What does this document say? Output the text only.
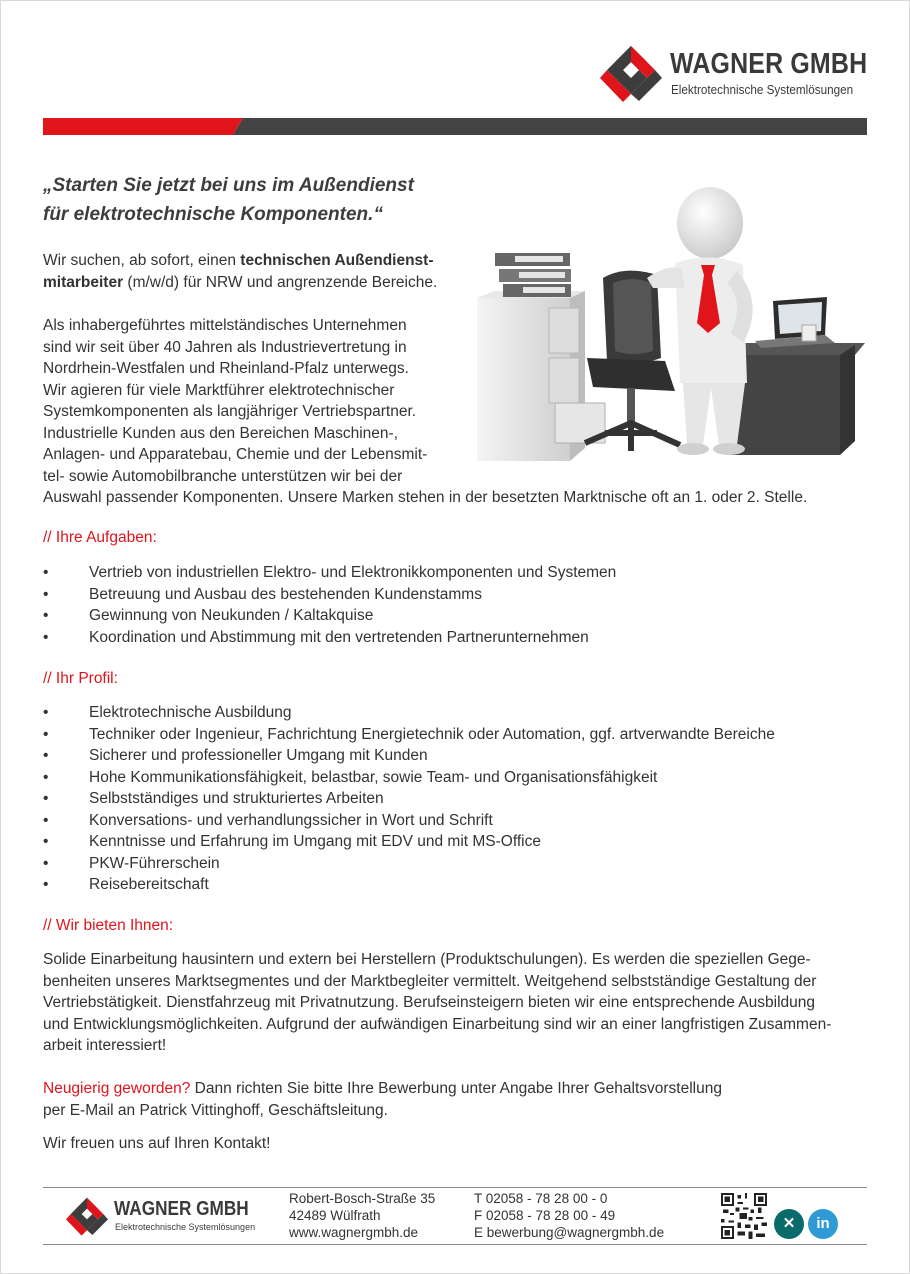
WAGNER GMBH
Elektrotechnische Systemlösungen
„Starten Sie jetzt bei uns im Außendienst
für elektrotechnische Komponenten.“
Wir suchen, ab sofort, einen technischen Außendienst-
mitarbeiter (m/w/d) für NRW und angrenzende Bereiche.
Als inhabergeführtes mittelständisches Unternehmen
sind wir seit über 40 Jahren als Industrievertretung in
Nordrhein-Westfalen und Rheinland-Pfalz unterwegs.
Wir agieren für viele Marktführer elektrotechnischer
Systemkomponenten als langjähriger Vertriebspartner.
Industrielle Kunden aus den Bereichen Maschinen-,
Anlagen- und Apparatebau, Chemie und der Lebensmit-
tel- sowie Automobilbranche unterstützen wir bei der
Auswahl passender Komponenten. Unsere Marken stehen in der besetzten Marktnische oft an 1. oder 2. Stelle.
// Ihre Aufgaben:
• Vertrieb von industriellen Elektro- und Elektronikkomponenten und Systemen
• Betreuung und Ausbau des bestehenden Kundenstamms
• Gewinnung von Neukunden / Kaltakquise
• Koordination und Abstimmung mit den vertretenden Partnerunternehmen
// Ihr Profil:
• Elektrotechnische Ausbildung
• Techniker oder Ingenieur, Fachrichtung Energietechnik oder Automation, ggf. artverwandte Bereiche
• Sicherer und professioneller Umgang mit Kunden
• Hohe Kommunikationsfähigkeit, belastbar, sowie Team- und Organisationsfähigkeit
• Selbstständiges und strukturiertes Arbeiten
• Konversations- und verhandlungssicher in Wort und Schrift
• Kenntnisse und Erfahrung im Umgang mit EDV und mit MS-Office
• PKW-Führerschein
• Reisebereitschaft
// Wir bieten Ihnen:
Solide Einarbeitung hausintern und extern bei Herstellern (Produktschulungen). Es werden die speziellen Gege-
benheiten unseres Marktsegmentes und der Marktbegleiter vermittelt. Weitgehend selbstständige Gestaltung der
Vertriebstätigkeit. Dienstfahrzeug mit Privatnutzung. Berufseinsteigern bieten wir eine entsprechende Ausbildung
und Entwicklungsmöglichkeiten. Aufgrund der aufwändigen Einarbeitung sind wir an einer langfristigen Zusammen-
arbeit interessiert!
Neugierig geworden? Dann richten Sie bitte Ihre Bewerbung unter Angabe Ihrer Gehaltsvorstellung
per E-Mail an Patrick Vittinghoff, Geschäftsleitung.
Wir freuen uns auf Ihren Kontakt!
WAGNER GMBH
Elektrotechnische Systemlösungen
Robert-Bosch-Straße 35
42489 Wülfrath
www.wagnergmbh.de
T 02058 - 78 28 00 - 0
F 02058 - 78 28 00 - 49
E bewerbung@wagnergmbh.de
✕	in
